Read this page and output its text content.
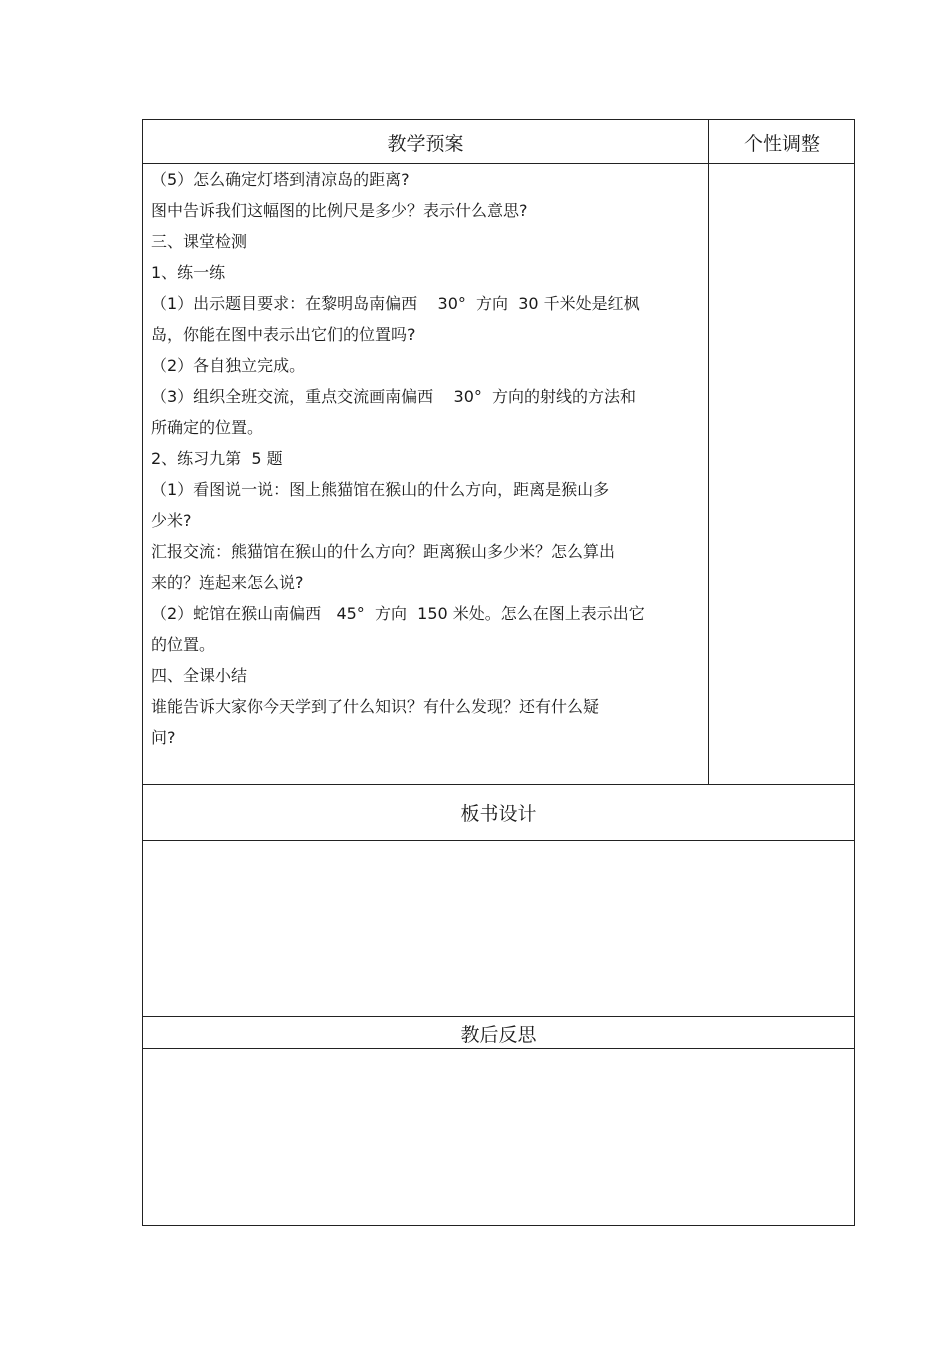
教学预案	个性调整

（5）怎么确定灯塔到清凉岛的距离?

图中告诉我们这幅图的比例尺是多少？表示什么意思?

三、课堂检测

1、练一练

（1）出示题目要求：在黎明岛南偏西    30°  方向  30 千米处是红枫

岛，你能在图中表示出它们的位置吗?

（2）各自独立完成。

（3）组织全班交流，重点交流画南偏西    30°  方向的射线的方法和

所确定的位置。

2、练习九第  5 题

（1）看图说一说：图上熊猫馆在猴山的什么方向，距离是猴山多

少米?

汇报交流：熊猫馆在猴山的什么方向？距离猴山多少米？怎么算出

来的？连起来怎么说?

（2）蛇馆在猴山南偏西   45°  方向  150 米处。怎么在图上表示出它

的位置。

四、全课小结

谁能告诉大家你今天学到了什么知识？有什么发现？还有什么疑

问?

板书设计
教后反思
